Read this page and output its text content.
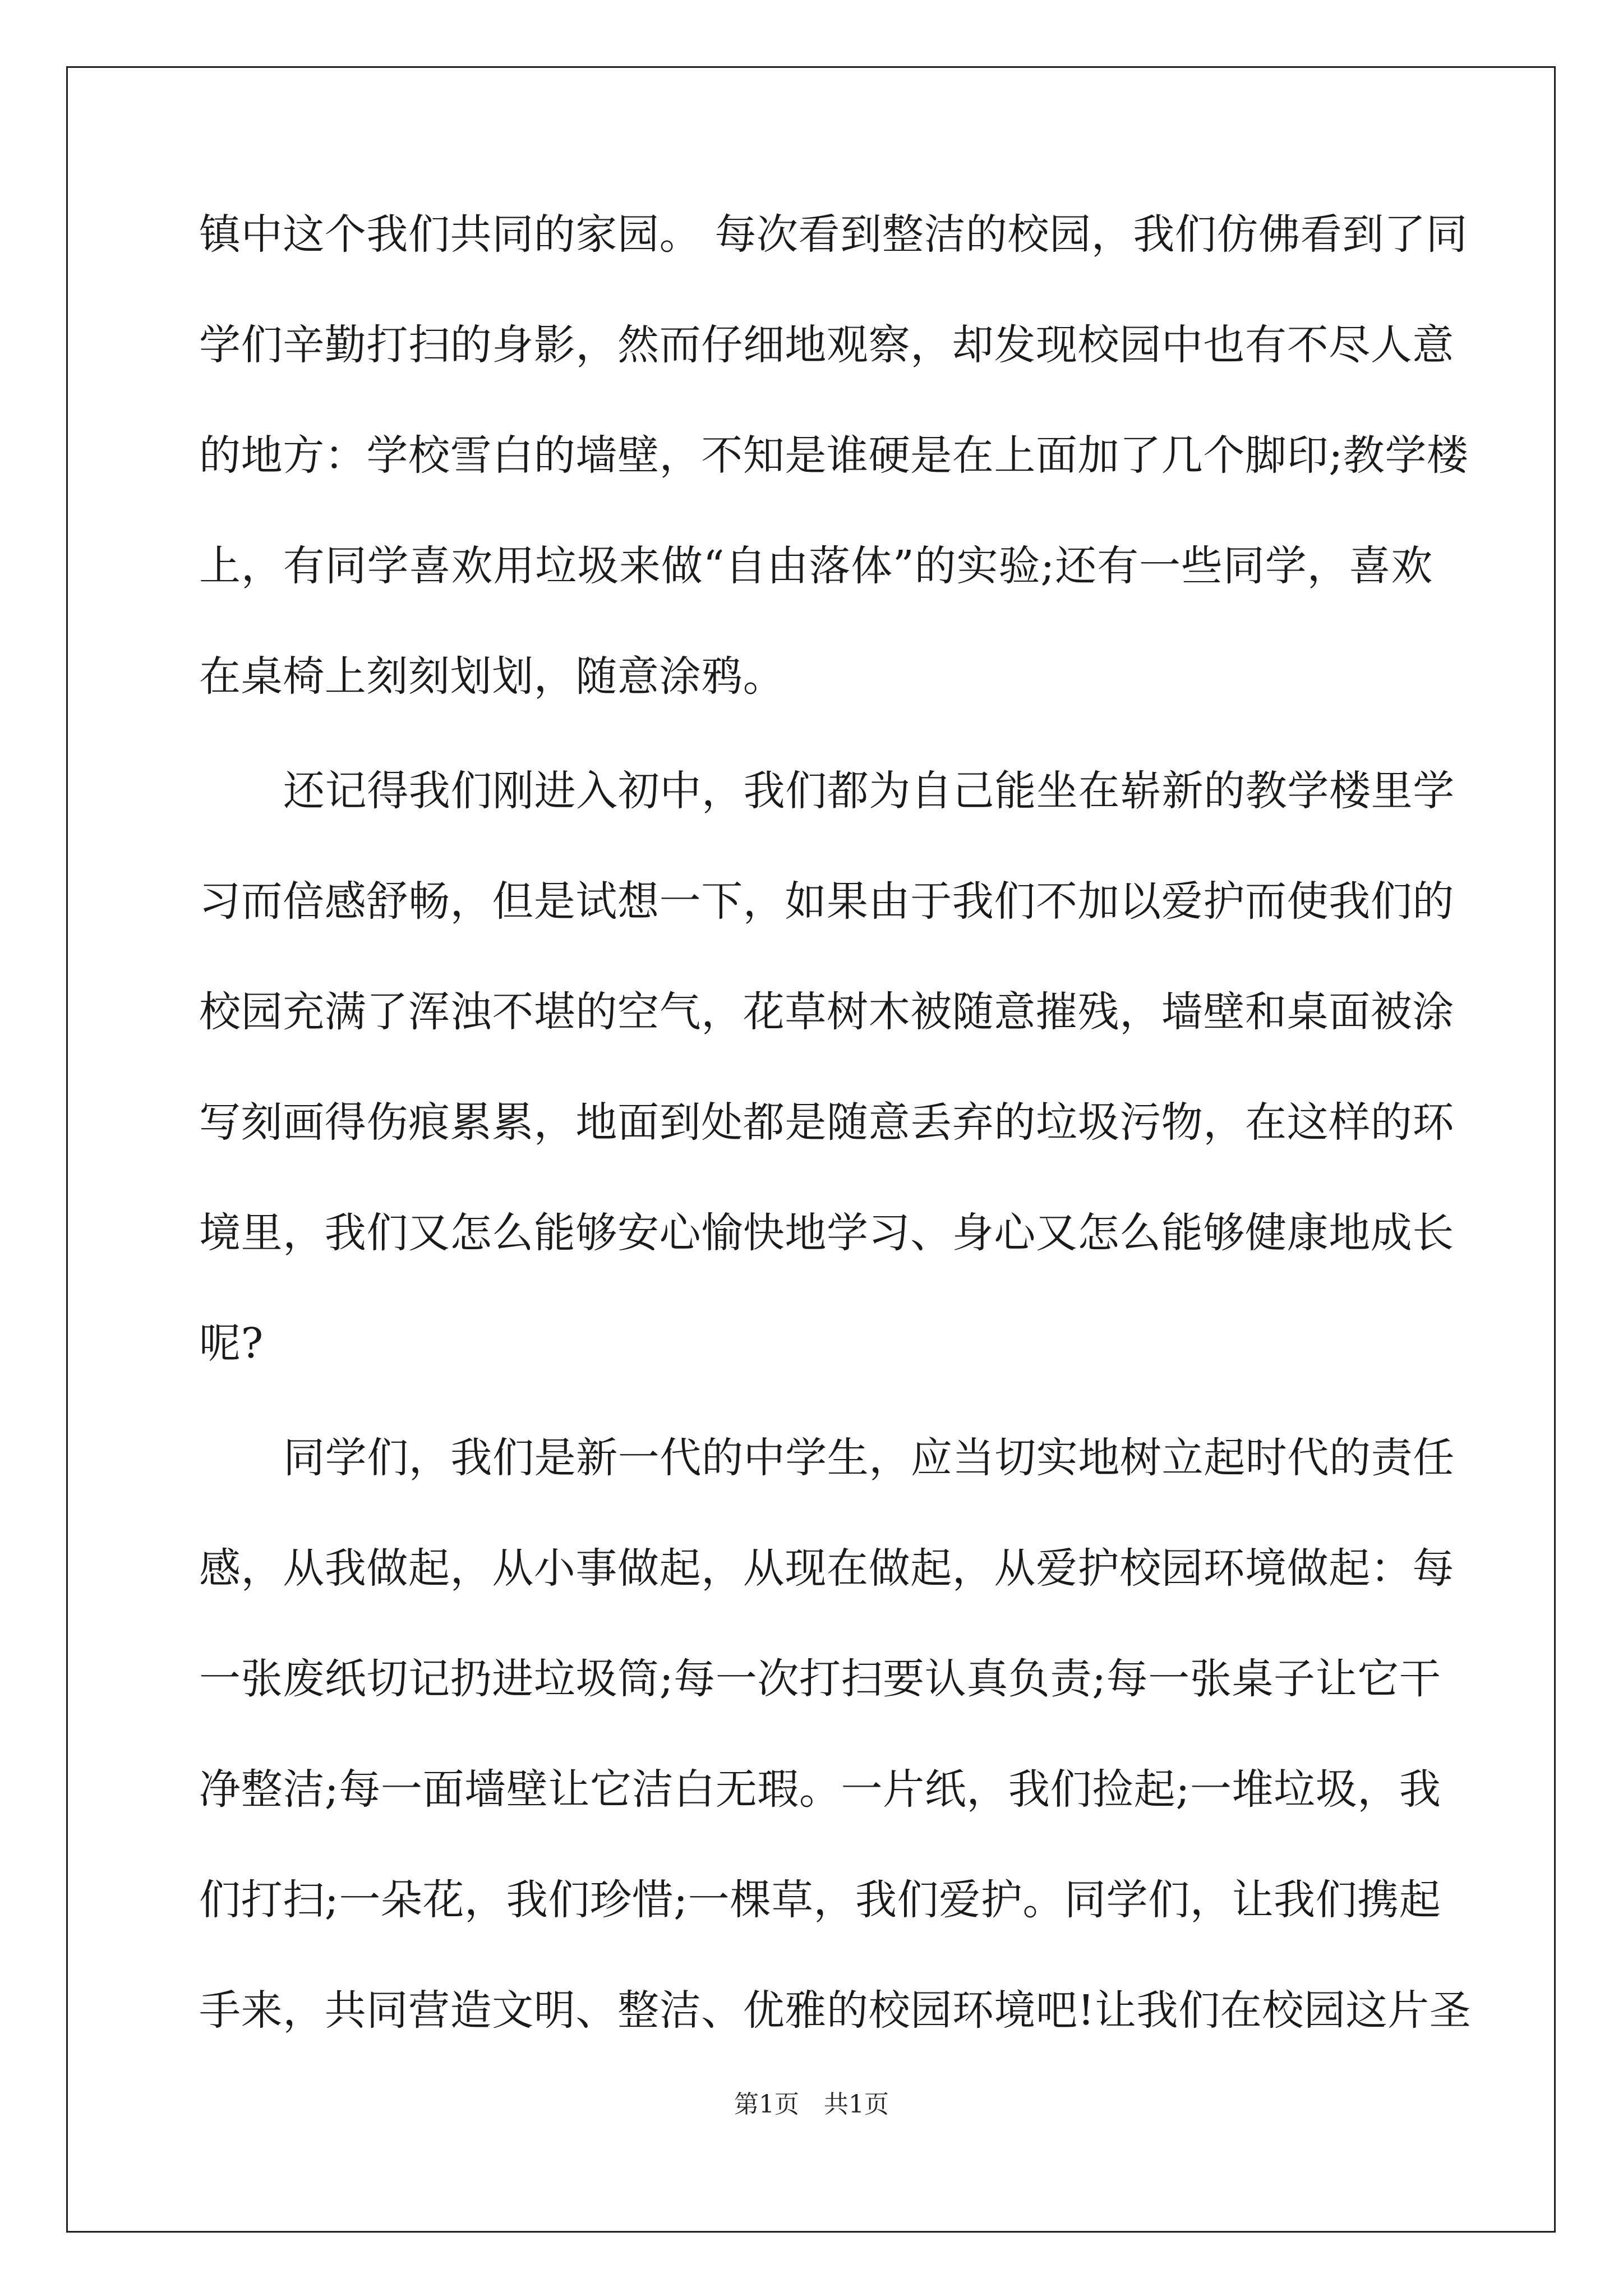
镇中这个我们共同的家园。 每次看到整洁的校园，我们仿佛看到了同
学们辛勤打扫的身影，然而仔细地观察，却发现校园中也有不尽人意
的地方：学校雪白的墙壁，不知是谁硬是在上面加了几个脚印;教学楼
上，有同学喜欢用垃圾来做“自由落体”的实验;还有一些同学，喜欢
在桌椅上刻刻划划，随意涂鸦。
还记得我们刚进入初中，我们都为自己能坐在崭新的教学楼里学
习而倍感舒畅，但是试想一下，如果由于我们不加以爱护而使我们的
校园充满了浑浊不堪的空气，花草树木被随意摧残，墙壁和桌面被涂
写刻画得伤痕累累，地面到处都是随意丢弃的垃圾污物，在这样的环
境里，我们又怎么能够安心愉快地学习、身心又怎么能够健康地成长
呢?
同学们，我们是新一代的中学生，应当切实地树立起时代的责任
感，从我做起，从小事做起，从现在做起，从爱护校园环境做起：每
一张废纸切记扔进垃圾筒;每一次打扫要认真负责;每一张桌子让它干
净整洁;每一面墙壁让它洁白无瑕。一片纸，我们捡起;一堆垃圾，我
们打扫;一朵花，我们珍惜;一棵草，我们爱护。同学们，让我们携起
手来，共同营造文明、整洁、优雅的校园环境吧!让我们在校园这片圣
第1页　共1页
